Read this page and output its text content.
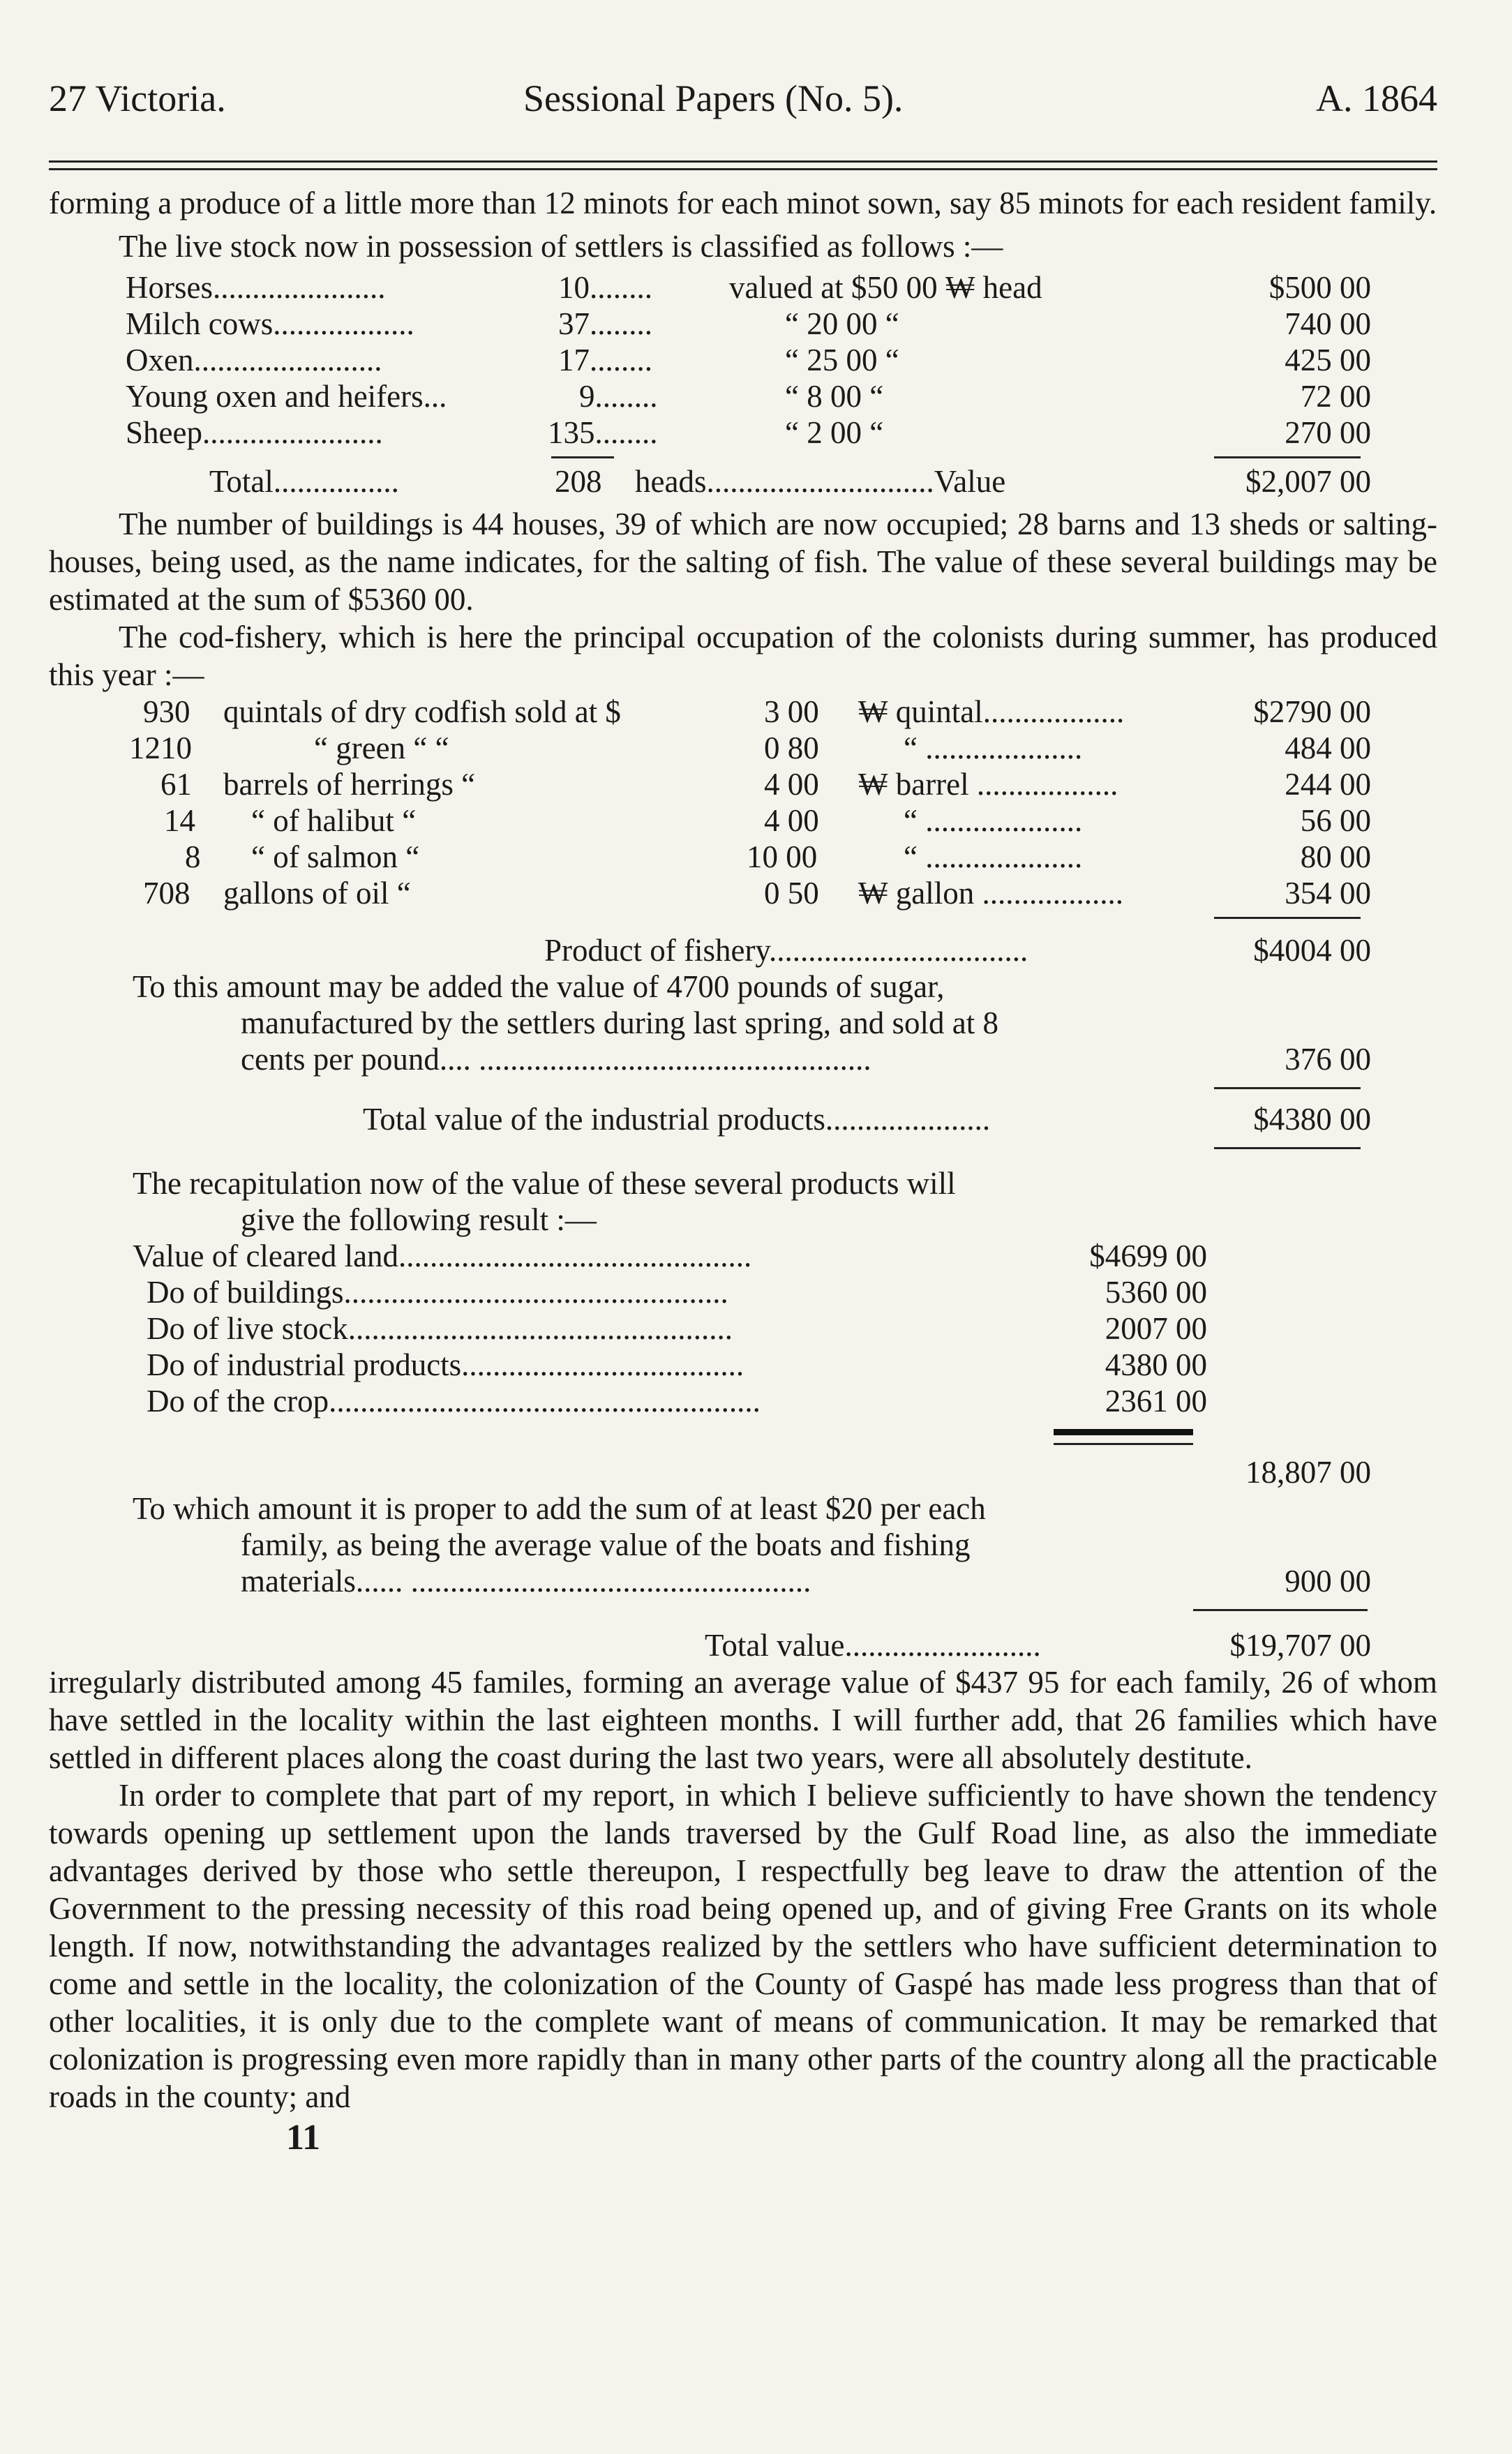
27 Victoria.	Sessional Papers (No. 5).	A. 1864

forming a produce of a little more than 12 minots for each minot sown, say 85 minots for each resident family.

The live stock now in possession of settlers is classified as follows :—

Horses......................	10........ valued at $50 00 ₩ head	$500 00
Milch cows..................	37........	“ 20 00 “	740 00
Oxen........................	17........	“ 25 00 “	425 00
Young oxen and heifers...	9........	“ 8 00 “	72 00
Sheep.......................	135........	“ 2 00 “	270 00
Total................	208 heads.............................Value	$2,007 00

The number of buildings is 44 houses, 39 of which are now occupied; 28 barns and 13 sheds or salting-houses, being used, as the name indicates, for the salting of fish. The value of these several buildings may be estimated at the sum of $5360 00.

The cod-fishery, which is here the principal occupation of the colonists during summer, has produced this year :—

930 quintals of dry codfish sold at $	3 00 ₩ quintal..................	$2790 00
1210	“ green “ “	0 80	“ ....................	484 00
61 barrels of herrings “	4 00 ₩ barrel ..................	244 00
14 “ of halibut “	4 00	“ ....................	56 00
8 “ of salmon “	10 00	“ ....................	80 00
708 gallons of oil “	0 50 ₩ gallon ..................	354 00
Product of fishery.................................	$4004 00
To this amount may be added the value of 4700 pounds of sugar,
manufactured by the settlers during last spring, and sold at 8
cents per pound.... ..................................................	376 00
Total value of the industrial products.....................	$4380 00
The recapitulation now of the value of these several products will
give the following result :—
Value of cleared land.............................................	$4699 00
Do of buildings.................................................	5360 00
Do of live stock.................................................	2007 00
Do of industrial products....................................	4380 00
Do of the crop.......................................................	2361 00
18,807 00
To which amount it is proper to add the sum of at least $20 per each
family, as being the average value of the boats and fishing
materials...... ...................................................	900 00
Total value.........................	$19,707 00

irregularly distributed among 45 familes, forming an average value of $437 95 for each family, 26 of whom have settled in the locality within the last eighteen months. I will further add, that 26 families which have settled in different places along the coast during the last two years, were all absolutely destitute.

In order to complete that part of my report, in which I believe sufficiently to have shown the tendency towards opening up settlement upon the lands traversed by the Gulf Road line, as also the immediate advantages derived by those who settle thereupon, I respectfully beg leave to draw the attention of the Government to the pressing necessity of this road being opened up, and of giving Free Grants on its whole length. If now, notwithstanding the advantages realized by the settlers who have sufficient determination to come and settle in the locality, the colonization of the County of Gaspé has made less progress than that of other localities, it is only due to the complete want of means of communication. It may be remarked that colonization is progressing even more rapidly than in many other parts of the country along all the practicable roads in the county; and

11
